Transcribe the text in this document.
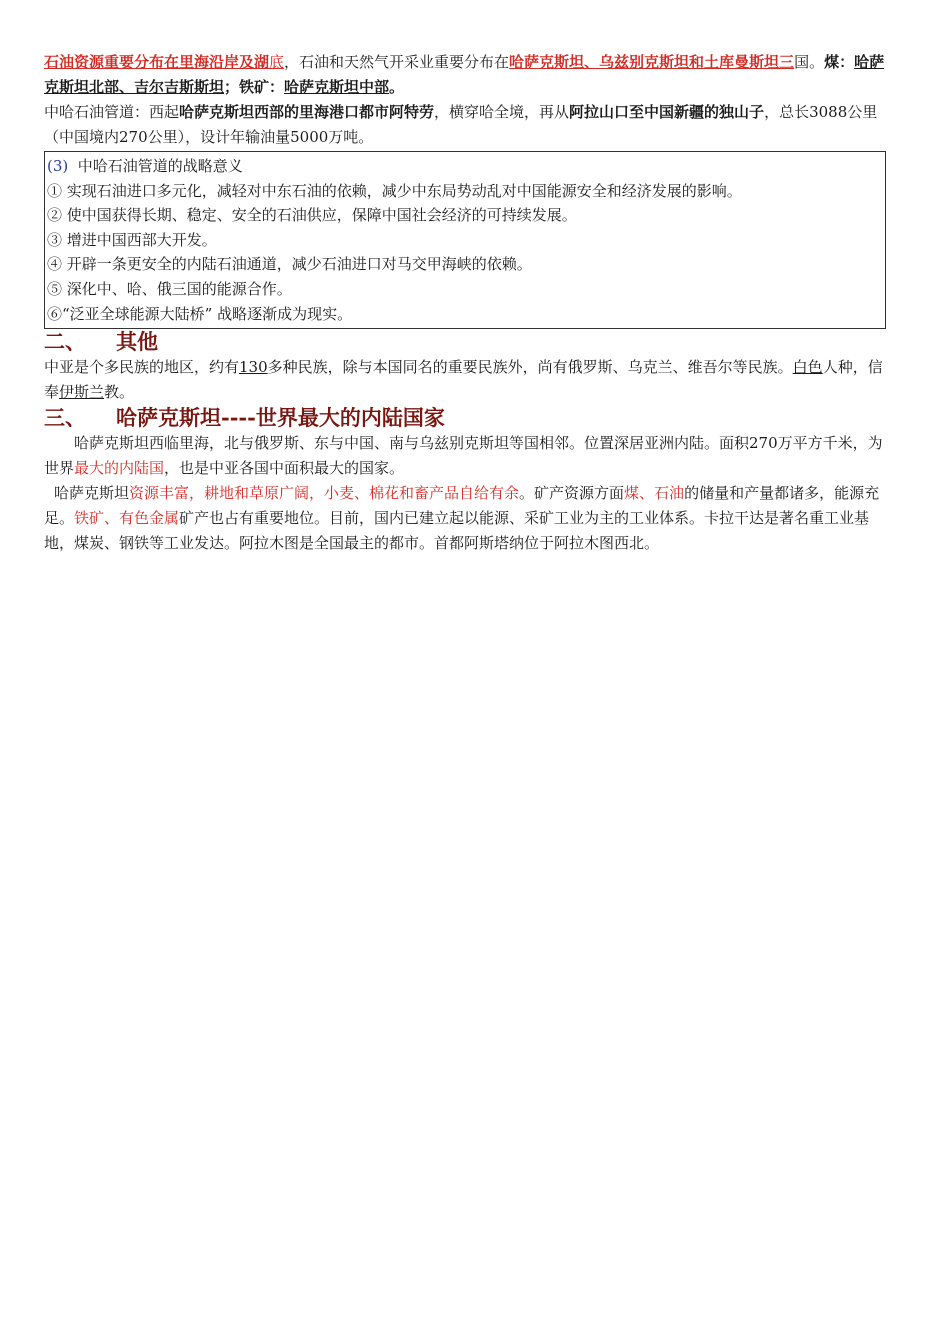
石油资源重要分布在里海沿岸及湖底，石油和天然气开采业重要分布在哈萨克斯坦、乌兹别克斯坦和土库曼斯坦三国。煤：哈萨克斯坦北部、吉尔吉斯斯坦；铁矿：哈萨克斯坦中部。

中哈石油管道：西起哈萨克斯坦西部的里海港口都市阿特劳，横穿哈全境，再从阿拉山口至中国新疆的独山子，总长3088公里（中国境内270公里），设计年输油量5000万吨。

(3) 中哈石油管道的战略意义

① 实现石油进口多元化，减轻对中东石油的依赖，减少中东局势动乱对中国能源安全和经济发展的影响。

② 使中国获得长期、稳定、安全的石油供应，保障中国社会经济的可持续发展。

③ 增进中国西部大开发。

④ 开辟一条更安全的内陆石油通道，减少石油进口对马交甲海峡的依赖。

⑤ 深化中、哈、俄三国的能源合作。

⑥“泛亚全球能源大陆桥” 战略逐渐成为现实。

二、 其他

中亚是个多民族的地区，约有130多种民族，除与本国同名的重要民族外，尚有俄罗斯、乌克兰、维吾尔等民族。白色人种，信奉伊斯兰教。

三、 哈萨克斯坦----世界最大的内陆国家

哈萨克斯坦西临里海，北与俄罗斯、东与中国、南与乌兹别克斯坦等国相邻。位置深居亚洲内陆。面积270万平方千米，为世界最大的内陆国，也是中亚各国中面积最大的国家。

哈萨克斯坦资源丰富，耕地和草原广阔，小麦、棉花和畜产品自给有余。矿产资源方面煤、石油的储量和产量都诸多，能源充足。铁矿、有色金属矿产也占有重要地位。目前，国内已建立起以能源、采矿工业为主的工业体系。卡拉干达是著名重工业基地，煤炭、钢铁等工业发达。阿拉木图是全国最主的都市。首都阿斯塔纳位于阿拉木图西北。
